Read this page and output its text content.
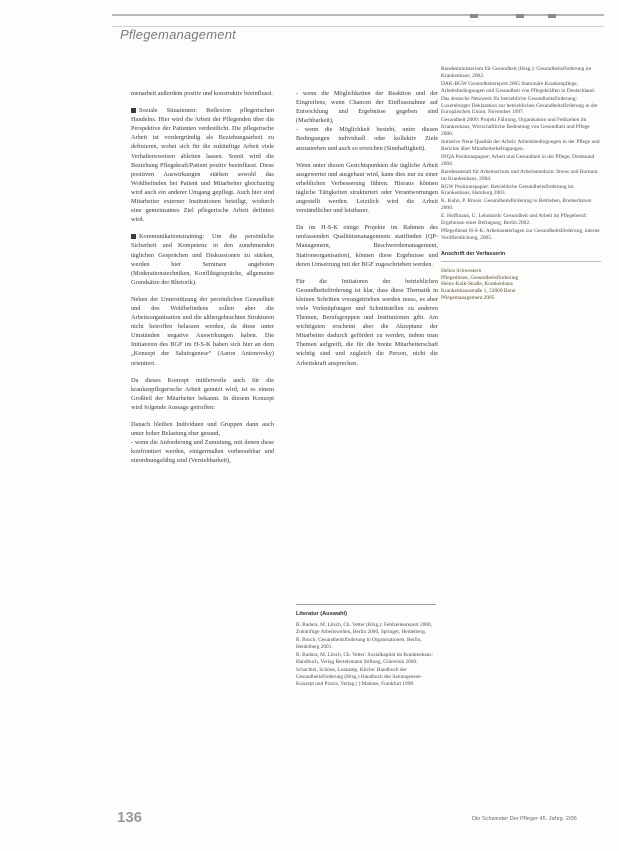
Pflegemanagement

menarbeit außerdem positiv und konstruktiv beeinflusst.

Soziale Situationen: Reflexion pflegerischen Handelns. Hier wird die Arbeit der Pflegenden über die Perspektive der Patienten verdeutlicht. Die pflegerische Arbeit ist vordergründig als Beziehungsarbeit zu definieren, wobei sich für die zukünftige Arbeit viele Verhaltensweisen ableiten lassen. Somit wird die Beziehung Pflegekraft/Patient positiv beeinflusst. Diese positiven Auswirkungen stärken sowohl das Wohlbefinden bei Patient und Mitarbeiter gleichzeitig wird auch ein anderer Umgang gepflegt. Auch hier sind Mitarbeiter externer Institutionen beteiligt, wodurch eine gemeinsames Ziel pflegerische Arbeit definiert wird.

Kommunikationstraining: Um die persönliche Sicherheit und Kompetenz in den zunehmenden täglichen Gesprächen und Diskussionen zu stärken, werden hier Seminare angeboten (Moderationstechniken, Konfliktgespräche, allgemeine Grundsätze der Rhetorik).

Neben der Unterstützung der persönlichen Gesundheit und des Wohlbefindens sollen aber die Arbeitsorganisation und die althergebrachten Strukturen nicht betroffen belassen werden, da diese unter Umständen negative Auswirkungen haben. Die Initiatoren des BGF im H-S-K haben sich hier an dem „Konzept der Salutogenese“ (Aaron Antonovsky) orientiert.

Da dieses Konzept mittlerweile auch für die krankenpflegerische Arbeit genutzt wird, ist es einem Großteil der Mitarbeiter bekannt. In diesem Konzept wird folgende Aussage getroffen:

Danach bleiben Individuen und Gruppen dann auch unter hoher Belastung eher gesund,

- wenn die Anforderung und Zumutung, mit denen diese konfrontiert werden, einigermaßen vorhersehbar und einordnungsfähig sind (Verstehbarkeit),

- wenn die Möglichkeiten der Reaktion und der Eingreifens, wenn Chancen der Einflussnahme auf Entwicklung und Ergebnisse gegeben sind (Machbarkeit),

- wenn die Möglichkeit besteht, unter diesen Bedingungen individuell oder kollektiv Ziele anzustreben und auch so erreichen (Sinnhaftigkeit).

Wenn unter diesen Gesichtspunkten die tägliche Arbeit ausgewertet und ausgebaut wird, kann dies nur zu einer erheblichen Verbesserung führen. Hieraus können tägliche Tätigkeiten strukturiert oder Verantwortungen angestellt werden. Letztlich wird die Arbeit verständlicher und leistbarer.

Da im H-S-K einige Projekte im Rahmen des umfassenden Qualitätsmanagements stattfinden (QP-Management, Beschwerdemanagement, Stationsorganisation), können diese Ergebnisse und deren Umsetzung mit der BGF zugeschrieben werden.

Für die Initiatoren der betrieblichen Gesundheitsförderung ist klar, dass diese Thematik in kleinen Schritten vorangetrieben werden muss, es aber viele Verknüpfungen und Schnittstellen zu anderen Themen, Berufsgruppen und Institutionen gibt. Am wichtigsten erscheint aber die Akzeptanz der Mitarbeiter dadurch gefördert zu werden, indem man Themen aufgreift, die für die breite Mitarbeiterschaft wichtig sind und zugleich die Person, nicht die Arbeitskraft ansprechen.

Literatur (Auswahl)

B. Badura, M. Litsch, Ch. Vetter (Hrsg.): Fehlzeitenreport 2000, Zukünftige Arbeitswelten, Berlin 2000, Springer, Heidelberg.

R. Busch: Gesundheitsförderung in Organisationen, Berlin, Heidelberg 2001.

B. Badura, M. Litsch, Ch. Vetter: Sozialkapital im Krankenhaus; Handbuch, Verlag Bertelsmann Stiftung, Gütersloh 2000.

Schachtel, Schöne, Loskamp, Kliche: Handbuch der Gesundheitsförderung (Hrsg.) Handbuch des Salutogenese-Konzept und Praxis, Verlag ( ) Mabuse, Frankfurt 1998.

Bundesministerium für Gesundheit (Hrsg.): Gesundheitsförderung im Krankenhaus, 2002.

DAK-BGW Gesundheitsreport 2005 Stationäre Krankenpflege, Arbeitsbedingungen und Gesundheit von Pflegekräften in Deutschland.

Das deutsche Netzwerk für betriebliche Gesundheitsförderung: Luxemburger Deklaration zur betrieblichen Gesundheitsförderung in der Europäischen Union, November 1997.

Gesundheit 2000: Projekt Führung, Organisation und Fehlzeiten im Krankenhaus, Wirtschaftliche Bedeutung von Gesundheit und Pflege 2000.

Initiative Neue Qualität der Arbeit: Arbeitsbedingungen in der Pflege und Berichte über Mitarbeiterbefragungen.

INQA Positionspapier: Arbeit und Gesundheit in der Pflege, Dortmund 2004.

Bundesanstalt für Arbeitsschutz und Arbeitsmedizin: Stress und Burnout im Krankenhaus, 2004.

BGW Positionspapier: Betriebliche Gesundheitsförderung im Krankenhaus, Hamburg 2003.

K. Kuhn, P. Brusis: Gesundheitsförderung in Betrieben, Bremerhaven 2000.

E. Hoffmann, U. Lehnhardt: Gesundheit und Arbeit im Pflegeberuf: Ergebnisse einer Befragung, Berlin 2002.

Pflegedienst H-S-K: Arbeitsunterlagen zur Gesundheitsförderung, interne Veröffentlichung, 2005.

Anschrift der Verfasserin
Helios Schwestern
Pflegedienst, Gesundheitsförderung
Heinz-Kalk-Straße, Krankenhaus
Krankenhausstraße 1, 53000 Bonn
Pflegemanagement 2005
136	Die Schwester Der Pfleger 45. Jahrg. 2/06
